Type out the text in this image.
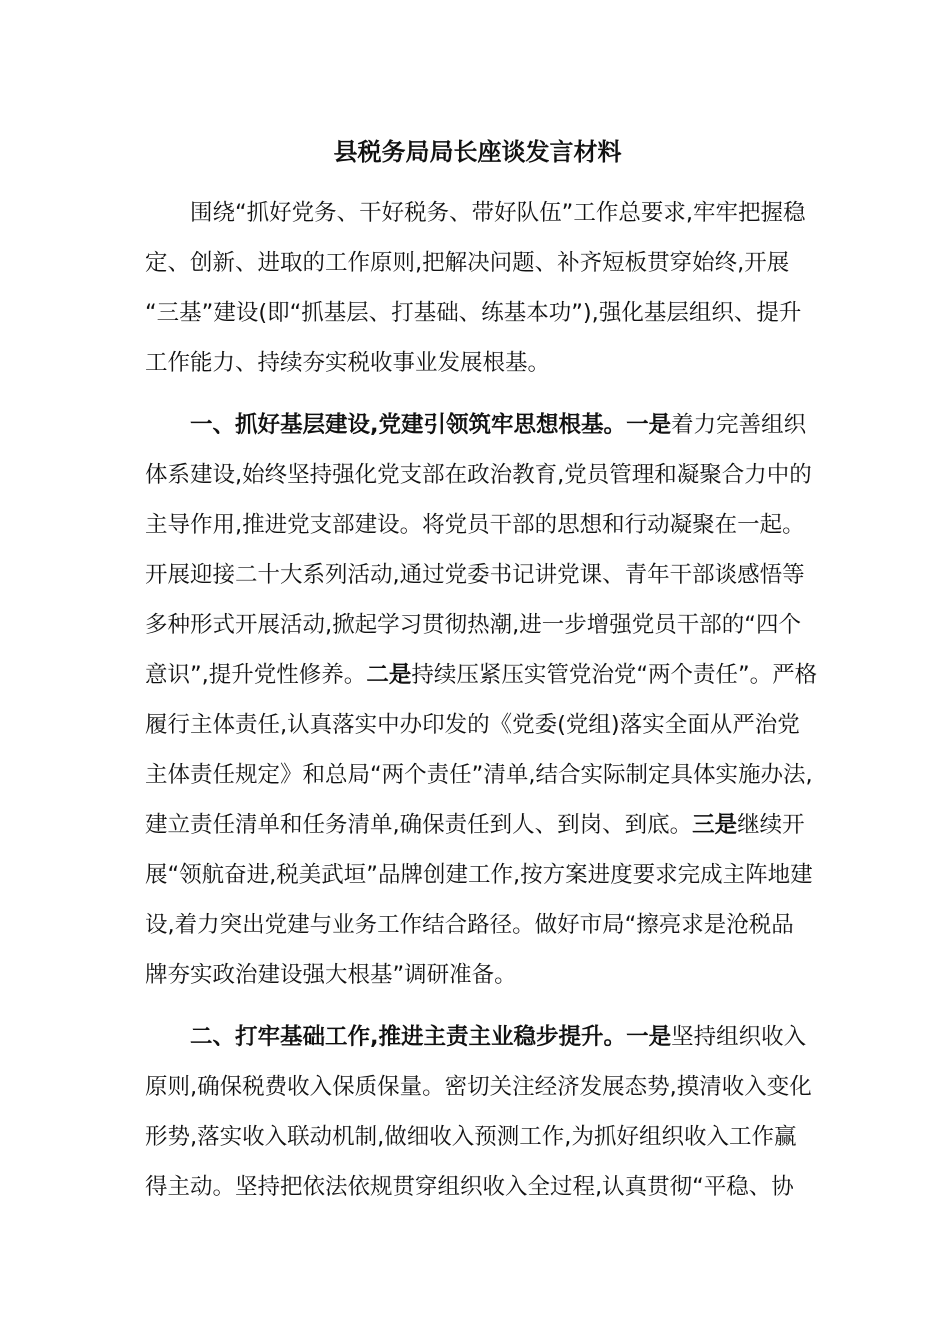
县税务局局长座谈发言材料
围绕“抓好党务、干好税务、带好队伍”工作总要求,牢牢把握稳
定、创新、进取的工作原则,把解决问题、补齐短板贯穿始终,开展
“三基”建设(即“抓基层、打基础、练基本功”),强化基层组织、提升
工作能力、持续夯实税收事业发展根基。
一、抓好基层建设,党建引领筑牢思想根基。一是着力完善组织
体系建设,始终坚持强化党支部在政治教育,党员管理和凝聚合力中的
主导作用,推进党支部建设。将党员干部的思想和行动凝聚在一起。
开展迎接二十大系列活动,通过党委书记讲党课、青年干部谈感悟等
多种形式开展活动,掀起学习贯彻热潮,进一步增强党员干部的“四个
意识”,提升党性修养。二是持续压紧压实管党治党“两个责任”。严格
履行主体责任,认真落实中办印发的《党委(党组)落实全面从严治党
主体责任规定》和总局“两个责任”清单,结合实际制定具体实施办法,
建立责任清单和任务清单,确保责任到人、到岗、到底。三是继续开
展“领航奋进,税美武垣”品牌创建工作,按方案进度要求完成主阵地建
设,着力突出党建与业务工作结合路径。做好市局“擦亮求是沧税品
牌夯实政治建设强大根基”调研准备。
二、打牢基础工作,推进主责主业稳步提升。一是坚持组织收入
原则,确保税费收入保质保量。密切关注经济发展态势,摸清收入变化
形势,落实收入联动机制,做细收入预测工作,为抓好组织收入工作赢
得主动。坚持把依法依规贯穿组织收入全过程,认真贯彻“平稳、协
